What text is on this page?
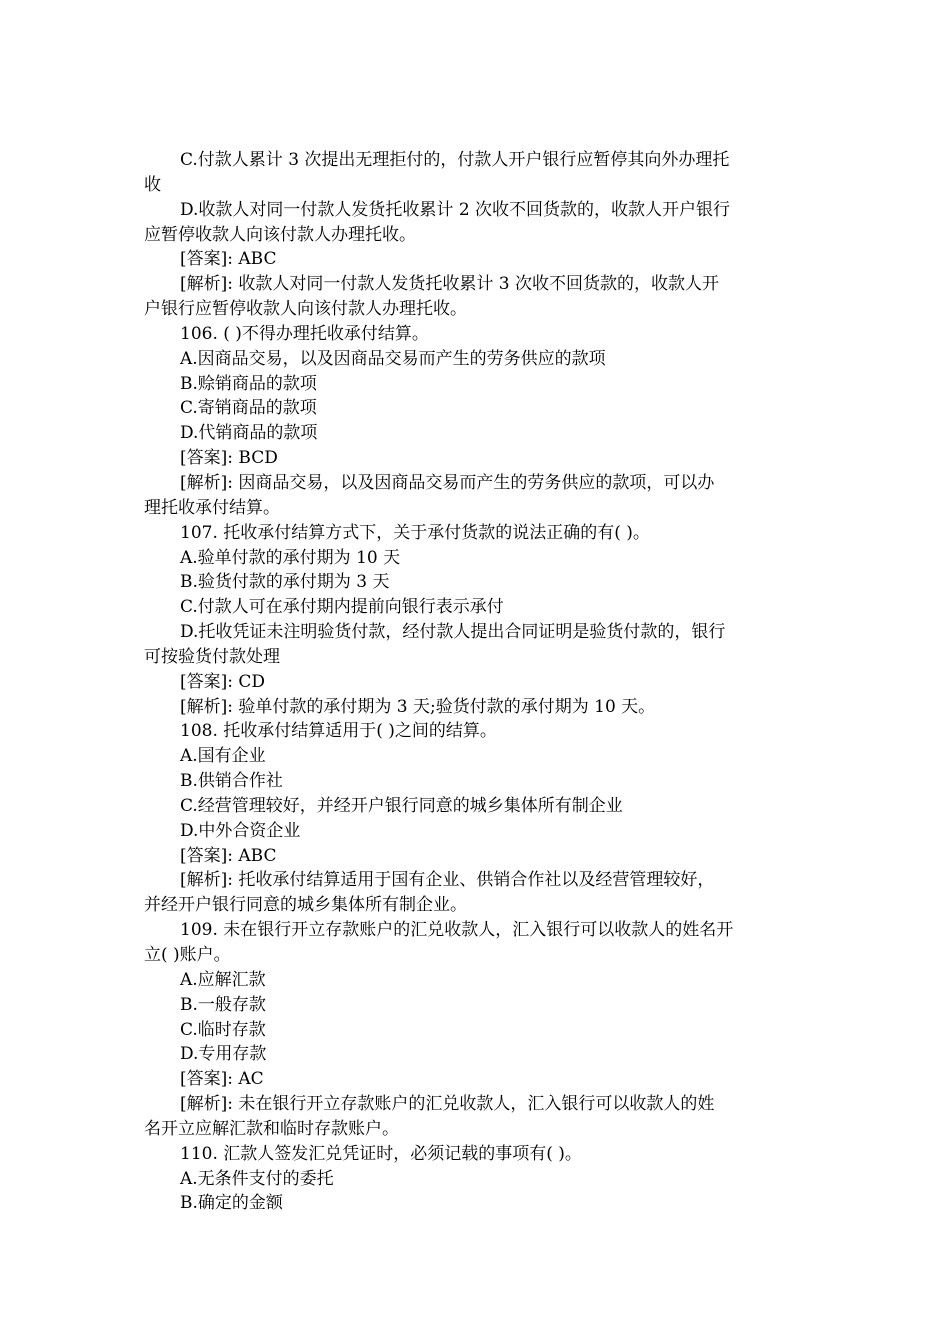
C.付款人累计 3 次提出无理拒付的，付款人开户银行应暂停其向外办理托
收
D.收款人对同一付款人发货托收累计 2 次收不回货款的，收款人开户银行
应暂停收款人向该付款人办理托收。
[答案]: ABC
[解析]: 收款人对同一付款人发货托收累计 3 次收不回货款的，收款人开
户银行应暂停收款人向该付款人办理托收。
106. ( )不得办理托收承付结算。
A.因商品交易，以及因商品交易而产生的劳务供应的款项
B.赊销商品的款项
C.寄销商品的款项
D.代销商品的款项
[答案]: BCD
[解析]: 因商品交易，以及因商品交易而产生的劳务供应的款项，可以办
理托收承付结算。
107. 托收承付结算方式下，关于承付货款的说法正确的有( )。
A.验单付款的承付期为 10 天
B.验货付款的承付期为 3 天
C.付款人可在承付期内提前向银行表示承付
D.托收凭证未注明验货付款，经付款人提出合同证明是验货付款的，银行
可按验货付款处理
[答案]: CD
[解析]: 验单付款的承付期为 3 天;验货付款的承付期为 10 天。
108. 托收承付结算适用于( )之间的结算。
A.国有企业
B.供销合作社
C.经营管理较好，并经开户银行同意的城乡集体所有制企业
D.中外合资企业
[答案]: ABC
[解析]: 托收承付结算适用于国有企业、供销合作社以及经营管理较好，
并经开户银行同意的城乡集体所有制企业。
109. 未在银行开立存款账户的汇兑收款人，汇入银行可以收款人的姓名开
立( )账户。
A.应解汇款
B.一般存款
C.临时存款
D.专用存款
[答案]: AC
[解析]: 未在银行开立存款账户的汇兑收款人，汇入银行可以收款人的姓
名开立应解汇款和临时存款账户。
110. 汇款人签发汇兑凭证时，必须记载的事项有( )。
A.无条件支付的委托
B.确定的金额
